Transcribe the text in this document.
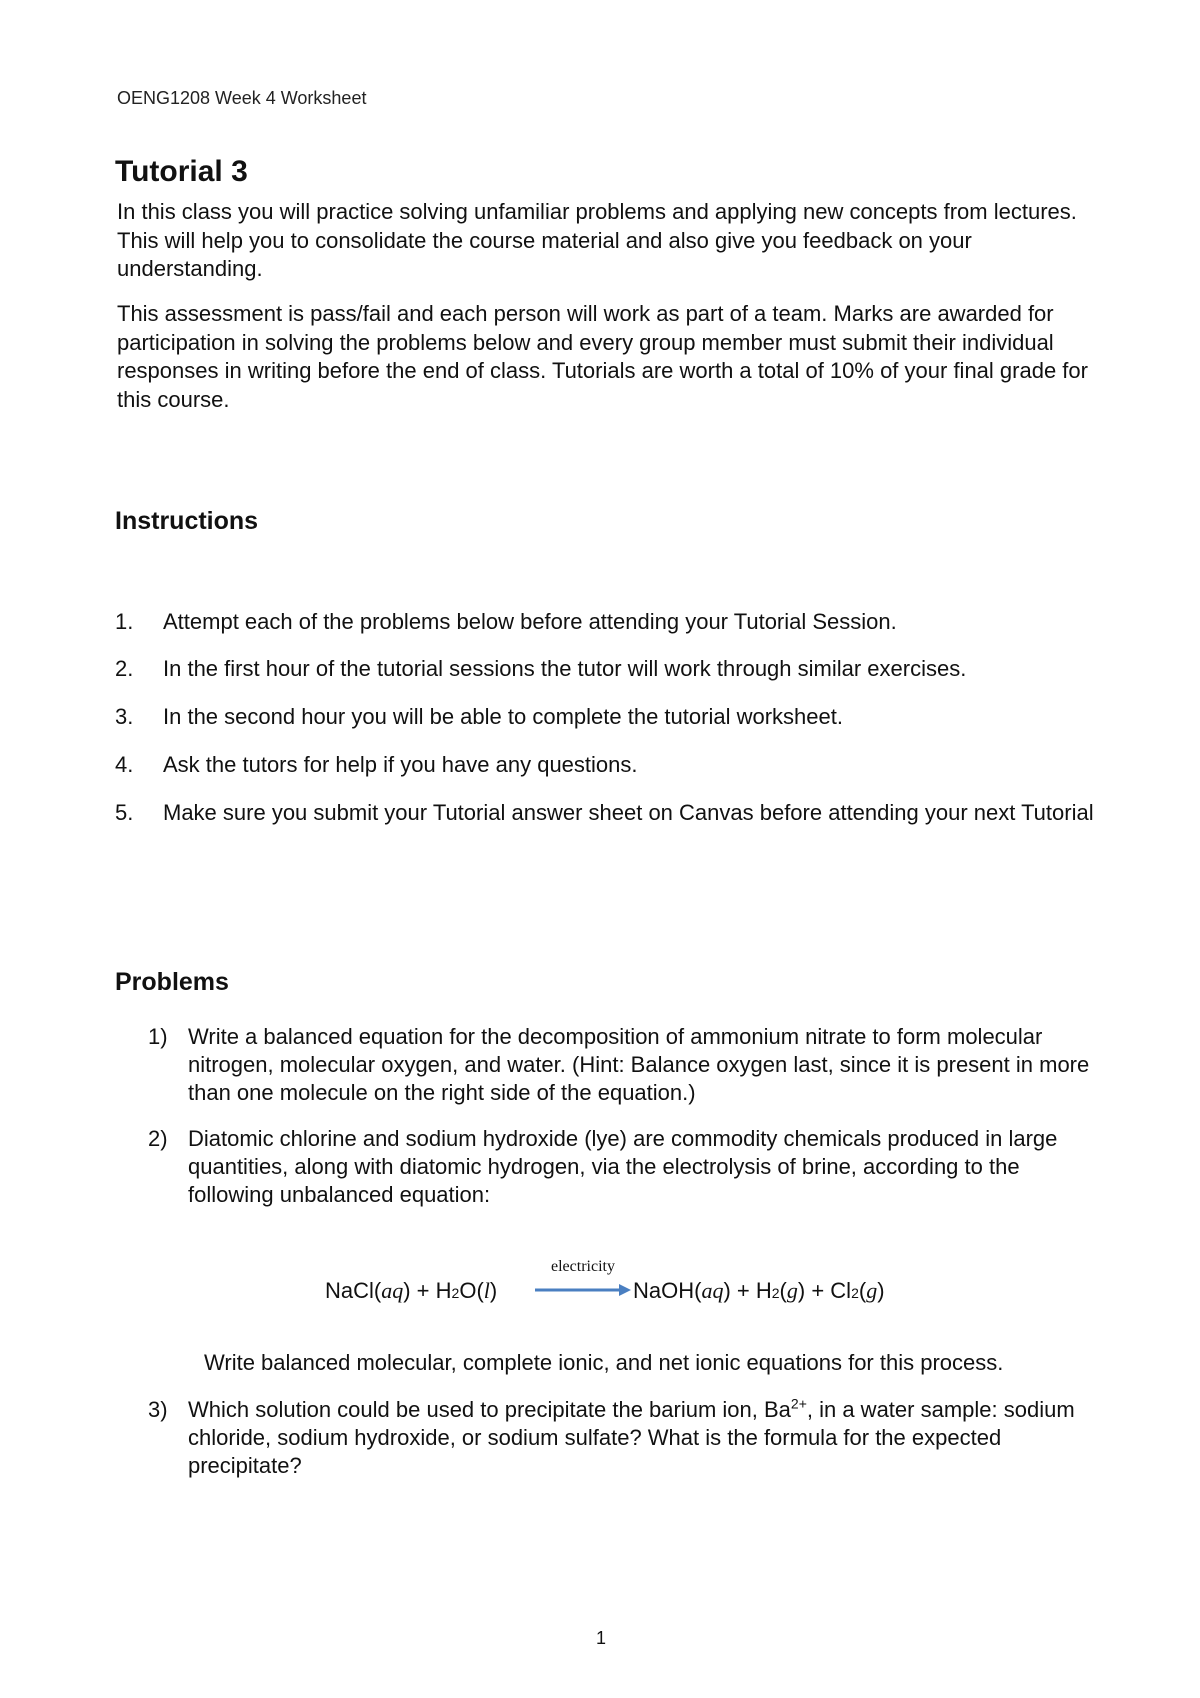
OENG1208 Week 4 Worksheet
Tutorial 3

In this class you will practice solving unfamiliar problems and applying new concepts from lectures. This will help you to consolidate the course material and also give you feedback on your understanding.

This assessment is pass/fail and each person will work as part of a team. Marks are awarded for participation in solving the problems below and every group member must submit their individual responses in writing before the end of class. Tutorials are worth a total of 10% of your final grade for this course.

Instructions
1. Attempt each of the problems below before attending your Tutorial Session.
2. In the first hour of the tutorial sessions the tutor will work through similar exercises.
3. In the second hour you will be able to complete the tutorial worksheet.
4. Ask the tutors for help if you have any questions.
5. Make sure you submit your Tutorial answer sheet on Canvas before attending your next Tutorial
Problems
1) Write a balanced equation for the decomposition of ammonium nitrate to form molecular nitrogen, molecular oxygen, and water. (Hint: Balance oxygen last, since it is present in more than one molecule on the right side of the equation.)
2) Diatomic chlorine and sodium hydroxide (lye) are commodity chemicals produced in large quantities, along with diatomic hydrogen, via the electrolysis of brine, according to the following unbalanced equation:
NaCl(aq) + H2O(l)
electricity
NaOH(aq) + H2(g) + Cl2(g)
Write balanced molecular, complete ionic, and net ionic equations for this process.
3) Which solution could be used to precipitate the barium ion, $Ba^{2+}$, in a water sample: sodium chloride, sodium hydroxide, or sodium sulfate? What is the formula for the expected precipitate?
1
